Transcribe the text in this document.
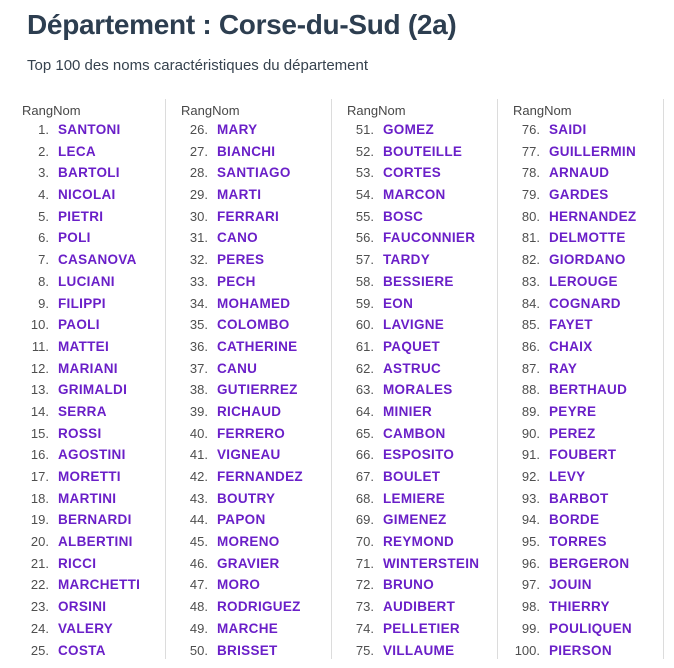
Département : Corse-du-Sud (2a)
Top 100 des noms caractéristiques du département
RangNom
1. SANTONI
2. LECA
3. BARTOLI
4. NICOLAI
5. PIETRI
6. POLI
7. CASANOVA
8. LUCIANI
9. FILIPPI
10. PAOLI
11. MATTEI
12. MARIANI
13. GRIMALDI
14. SERRA
15. ROSSI
16. AGOSTINI
17. MORETTI
18. MARTINI
19. BERNARDI
20. ALBERTINI
21. RICCI
22. MARCHETTI
23. ORSINI
24. VALERY
25. COSTA
RangNom
26. MARY
27. BIANCHI
28. SANTIAGO
29. MARTI
30. FERRARI
31. CANO
32. PERES
33. PECH
34. MOHAMED
35. COLOMBO
36. CATHERINE
37. CANU
38. GUTIERREZ
39. RICHAUD
40. FERRERO
41. VIGNEAU
42. FERNANDEZ
43. BOUTRY
44. PAPON
45. MORENO
46. GRAVIER
47. MORO
48. RODRIGUEZ
49. MARCHE
50. BRISSET
RangNom
51. GOMEZ
52. BOUTEILLE
53. CORTES
54. MARCON
55. BOSC
56. FAUCONNIER
57. TARDY
58. BESSIERE
59. EON
60. LAVIGNE
61. PAQUET
62. ASTRUC
63. MORALES
64. MINIER
65. CAMBON
66. ESPOSITO
67. BOULET
68. LEMIERE
69. GIMENEZ
70. REYMOND
71. WINTERSTEIN
72. BRUNO
73. AUDIBERT
74. PELLETIER
75. VILLAUME
RangNom
76. SAIDI
77. GUILLERMIN
78. ARNAUD
79. GARDES
80. HERNANDEZ
81. DELMOTTE
82. GIORDANO
83. LEROUGE
84. COGNARD
85. FAYET
86. CHAIX
87. RAY
88. BERTHAUD
89. PEYRE
90. PEREZ
91. FOUBERT
92. LEVY
93. BARBOT
94. BORDE
95. TORRES
96. BERGERON
97. JOUIN
98. THIERRY
99. POULIQUEN
100. PIERSON
